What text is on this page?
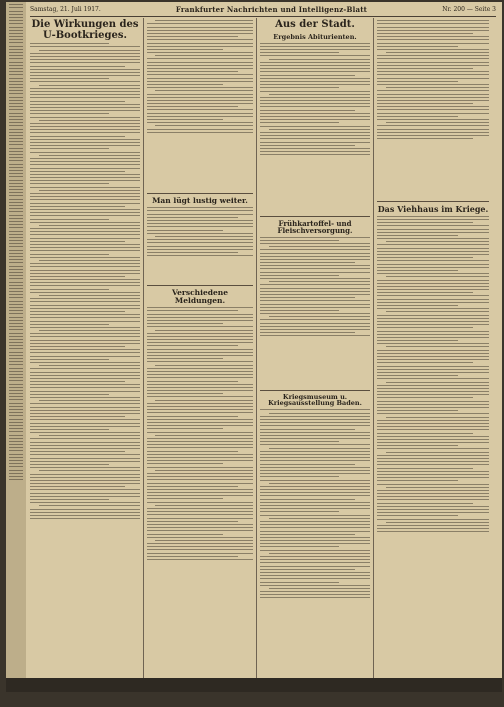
Samstag, 21. Juli 1917.	Frankfurter Nachrichten und Intelligenz-Blatt	Nr. 200 — Seite 3
Die Wirkungen des U-Bootkrieges.
Man lügt lustig weiter.
Verschiedene Meldungen.
Aus der Stadt.
Ergebnis Abiturienten.
Frühkartoffel- und Fleischversorgung.
Kriegsmuseum u. Kriegsausstellung Baden.
Das Viehhaus im Kriege.
